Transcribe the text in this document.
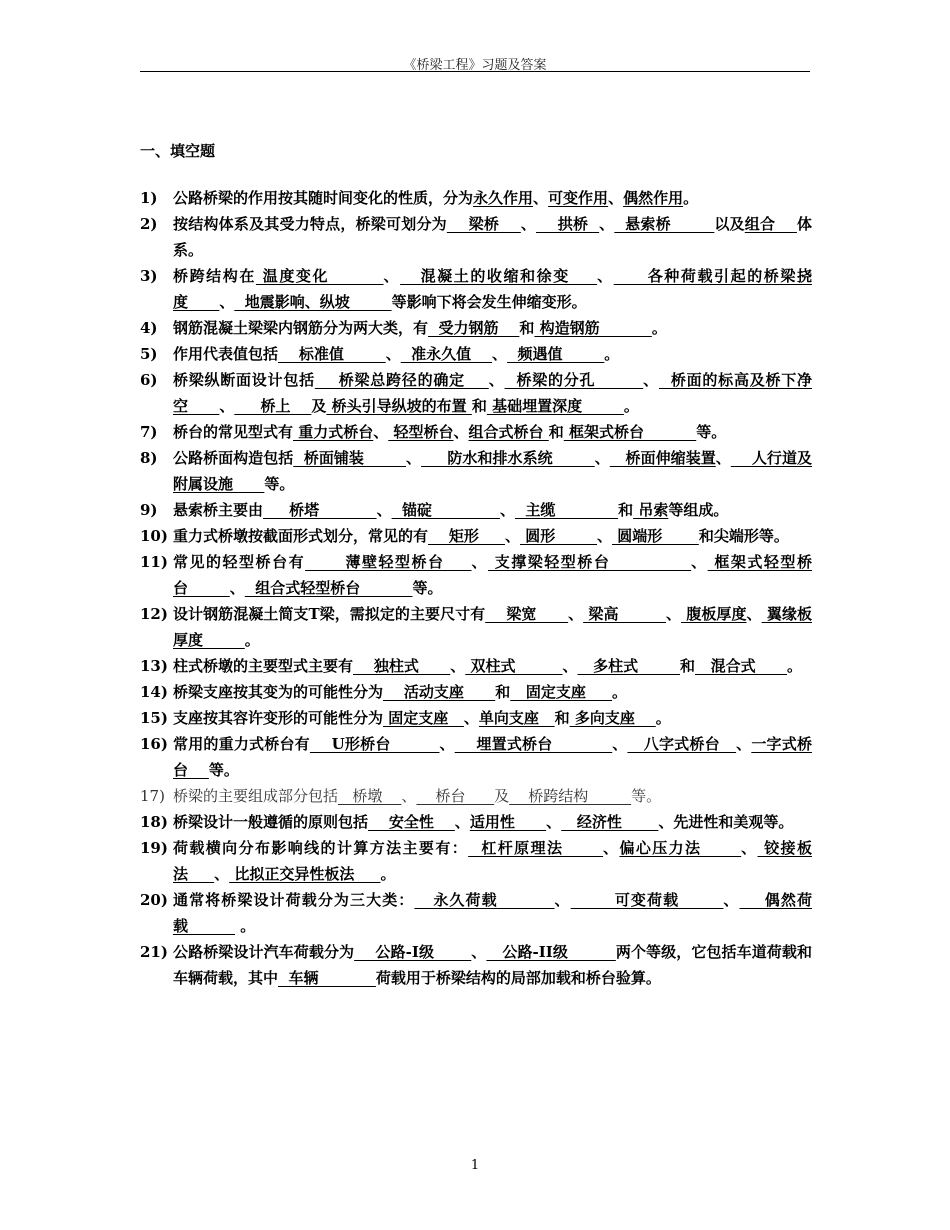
《桥梁工程》习题及答案
一、填空题
1) 公路桥梁的作用按其随时间变化的性质，分为永久作用、可变作用、偶然作用。
2) 按结构体系及其受力特点，桥梁可划分为    梁桥    、    拱桥  、  悬索桥        以及组合    体系。
3) 桥跨结构在 温度变化        、   混凝土的收缩和徐变    、     各种荷载引起的桥梁挠度      、  地震影响、纵坡        等影响下将会发生伸缩变形。
4) 钢筋混凝土梁梁内钢筋分为两大类，有  受力钢筋    和 构造钢筋          。
5) 作用代表值包括    标准值        、  准永久值    、  频遇值        。
6) 桥梁纵断面设计包括    桥梁总跨径的确定    、  桥梁的分孔        、  桥面的标高及桥下净空      、     桥上    及 桥头引导纵坡的布置 和 基础埋置深度        。
7) 桥台的常见型式有 重力式桥台、 轻型桥台、组合式桥台 和 框架式桥台          等。
8) 公路桥面构造包括  桥面铺装        、     防水和排水系统        、   桥面伸缩装置、    人行道及附属设施      等。
9) 悬索桥主要由     桥塔           、  锚碇             、  主缆            和 吊索等组成。
10) 重力式桥墩按截面形式划分，常见的有    矩形     、 圆形        、 圆端形       和尖端形等。
11) 常见的轻型桥台有      薄壁轻型桥台    、 支撑梁轻型桥台            、 框架式轻型桥台        、  组合式轻型桥台          等。
12) 设计钢筋混凝土简支T梁，需拟定的主要尺寸有    梁宽      、 梁高         、 腹板厚度、 翼缘板厚度        。
13) 柱式桥墩的主要型式主要有    独柱式      、 双柱式         、   多柱式        和   混合式      。
14) 桥梁支座按其变为的可能性分为    活动支座      和   固定支座     。
15) 支座按其容许变形的可能性分为 固定支座   、单向支座   和 多向支座    。
16) 常用的重力式桥台有    U形桥台         、    埋置式桥台           、   八字式桥台   、一字式桥台    等。
17) 桥梁的主要组成部分包括   桥墩    、    桥台      及    桥跨结构         等。
18) 桥梁设计一般遵循的原则包括    安全性    、适用性      、   经济性       、先进性和美观等。
19) 荷载横向分布影响线的计算方法主要有：  杠杆原理法      、偏心压力法      、 铰接板法     、 比拟正交异性板法     。
20) 通常将桥梁设计荷载分为三大类：   永久荷载         、       可变荷载       、    偶然荷载          。
21) 公路桥梁设计汽车荷载分为    公路-I级       、   公路-II级         两个等级，它包括车道荷载和车辆荷载，其中  车辆           荷载用于桥梁结构的局部加载和桥台验算。
1
